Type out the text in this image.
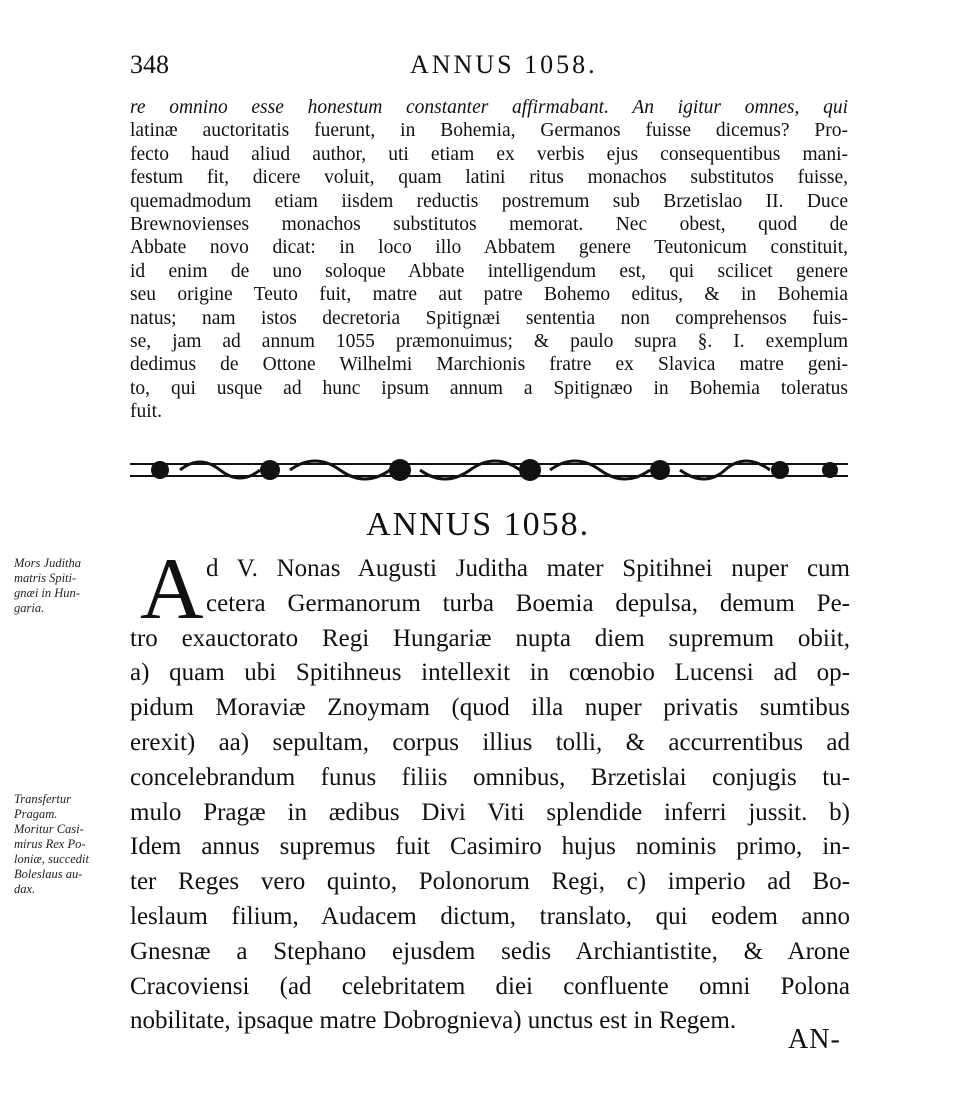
348	ANNUS 1058.
re omnino esse honestum constanter affirmabant. An igitur omnes, qui
latinæ auctoritatis fuerunt, in Bohemia, Germanos fuisse dicemus? Pro-
fecto haud aliud author, uti etiam ex verbis ejus consequentibus mani-
festum fit, dicere voluit, quam latini ritus monachos substitutos fuisse,
quemadmodum etiam iisdem reductis postremum sub Brzetislao II. Duce
Brewnovienses monachos substitutos memorat. Nec obest, quod de
Abbate novo dicat: in loco illo Abbatem genere Teutonicum constituit,
id enim de uno soloque Abbate intelligendum est, qui scilicet genere
seu origine Teuto fuit, matre aut patre Bohemo editus, & in Bohemia
natus; nam istos decretoria Spitignæi sententia non comprehensos fuis-
se, jam ad annum 1055 præmonuimus; & paulo supra §. I. exemplum
dedimus de Ottone Wilhelmi Marchionis fratre ex Slavica matre geni-
to, qui usque ad hunc ipsum annum a Spitignæo in Bohemia toleratus
fuit.
ANNUS 1058.
A d V. Nonas Augusti Juditha mater Spitihnei nuper cum
cetera Germanorum turba Boemia depulsa, demum Pe-
tro exauctorato Regi Hungariæ nupta diem supremum obiit,
a) quam ubi Spitihneus intellexit in cœnobio Lucensi ad op-
pidum Moraviæ Znoymam (quod illa nuper privatis sumtibus
erexit) aa) sepultam, corpus illius tolli, & accurrentibus ad
concelebrandum funus filiis omnibus, Brzetislai conjugis tu-
mulo Pragæ in ædibus Divi Viti splendide inferri jussit. b)
Idem annus supremus fuit Casimiro hujus nominis primo, in-
ter Reges vero quinto, Polonorum Regi, c) imperio ad Bo-
leslaum filium, Audacem dictum, translato, qui eodem anno
Gnesnæ a Stephano ejusdem sedis Archiantistite, & Arone
Cracoviensi (ad celebritatem diei confluente omni Polona
nobilitate, ipsaque matre Dobrognieva) unctus est in Regem.
Mors Juditha
matris Spiti-
gnæi in Hun-
garia.
Transfertur
Pragam.
Moritur Casi-
mirus Rex Po-
loniæ, succedit
Boleslaus au-
dax.
AN-
